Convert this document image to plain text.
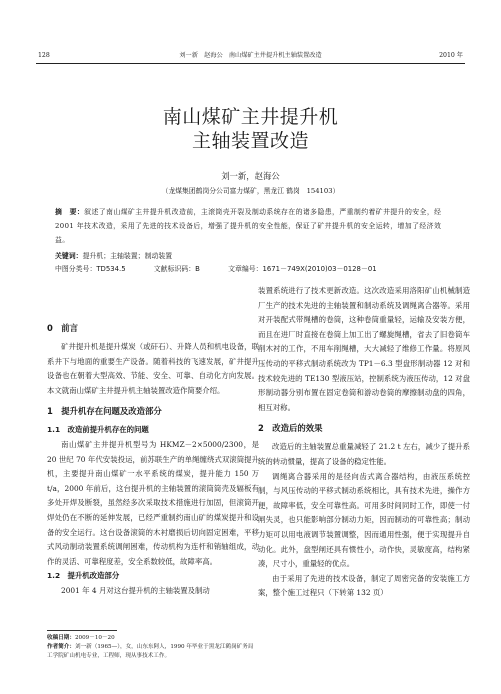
128	刘一新　赵海公　南山煤矿主井提升机主轴装置改造	2010 年
南山煤矿主井提升机
主轴装置改造
刘一新，赵海公
（龙煤集团鹤岗分公司富力煤矿，黑龙江 鹤岗　154103）
摘　要：叙述了南山煤矿主井提升机改造前，主滚筒壳开裂及制动系统存在的诸多隐患，严重制约着矿井提升的安全，经 2001 年技术改造，采用了先进的技术设备后，增强了提升机的安全性能，保证了矿井提升机的安全运转，增加了经济效益。
关键词：提升机；主轴装置；制动装置
中图分类号：TD534.5	文献标识码：B	文章编号：1671－749X(2010)03－0128－01
0　前言

矿井提升机是提升煤炭（或矸石）、升降人员和机电设备，联系井下与地面的重要生产设备。随着科技的飞速发展，矿井提升设备也在朝着大型高效、节能、安全、可靠、自动化方向发展。本文就南山煤矿主井提升机主轴装置改造作简要介绍。

1　提升机存在问题及改造部分
1.1　改造前提升机存在的问题

南山煤矿主井提升机型号为 HKMZ－2×5000/2300，是 20 世纪 70 年代安装投运，前苏联生产的单绳缠绕式双滚筒提升机，主要提升南山煤矿一水平系统的煤炭，提升能力 150 万 t/a，2000 年前后，这台提升机的主轴装置的滚筒筒壳及辐板有多处开焊及断裂，虽然经多次采取技术措施进行加固，但滚筒开焊处仍在不断的延伸发展，已经严重制约南山矿的煤炭提升和设备的安全运行。这台设备滚筒的木衬磨损后切向固定困难，平移式风动制动装置系统调闸困难，传动机构为连杆和销轴组成，动作的灵活、可靠程度差，安全系数较低，故障率高。

1.2　提升机改造部分

2001 年 4 月对这台提升机的主轴装置及制动

装置系统进行了技术更新改造。这次改造采用洛阳矿山机械制造厂生产的技术先进的主轴装置和制动系统及调绳离合器等。采用对开装配式带绳槽的卷筒，这种卷筒重量轻，运输及安装方便，而且在进厂时直接在卷筒上加工出了螺旋绳槽，省去了旧卷筒车削木衬的工作，不用车削绳槽，大大减轻了维修工作量。将原风压传动的平移式制动系统改为 TP1－6.3 型盘形制动器 12 对和技术较先进的 TE130 型液压站，控制系统为液压传动，12 对盘形制动器分别布置在固定卷筒和游动卷筒的摩擦制动盘的四角，相互对称。

2　改造后的效果

改造后的主轴装置总重量减轻了 21.2 t 左右，减少了提升系统的转动惯量，提高了设备的稳定性能。

调绳离合器采用的是径向齿式离合器结构，由液压系统控制，与风压传动的平移式制动系统相比，具有技术先进，操作方便，故障率低，安全可靠性高。可用多时间同时工作，即使一付闸失灵，也只能影响部分制动力矩，因而制动的可靠性高；制动力矩可以用电液调节装置调整，因而通用性强，便于实现提升自动化。此外，盘型闸还具有惯性小，动作快，灵敏度高，结构紧凑，尺寸小，重量轻的优点。

由于采用了先进的技术设备，制定了周密完备的安装施工方案，整个施工过程只（下转第 132 页）

收稿日期：2009－10－20
作者简介：刘一新（1965—），女，山东东阿人，1990 年毕业于黑龙江鹤岗矿务局工学院矿山机电专业，工程师，现从事技术工作。
